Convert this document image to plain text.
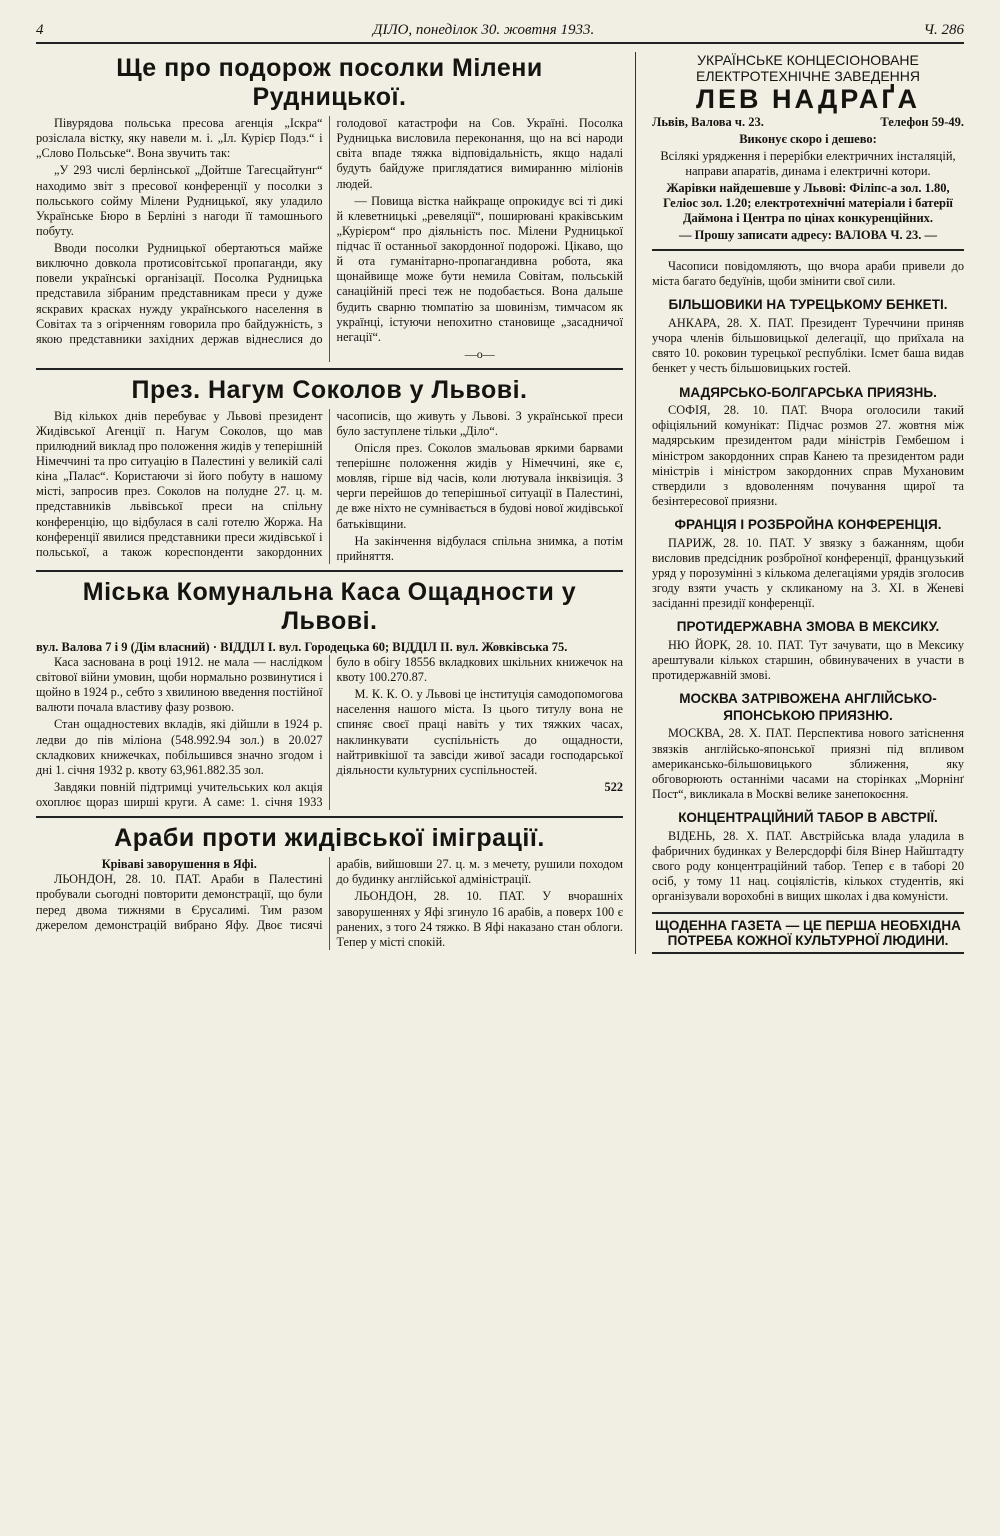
4	ДІЛО, понеділок 30. жовтня 1933.	Ч. 286
Ще про подорож посолки Мілени Рудницької.

Півурядова польська пресова агенція „Іскра“ розіслала вістку, яку навели м. і. „Іл. Курієр Подз.“ і „Слово Польське“. Вона звучить так:

„У 293 числі берлінської „Дойтше Тагесцайтунг“ находимо звіт з пресової конференції у посолки з польського сойму Мілени Рудницької, яку уладило Українське Бюро в Берліні з нагоди її тамошнього побуту.

Вводи посолки Рудницької обертаються майже виключно довкола протисовітської пропаганди, яку повели українські організації. Посолка Рудницька представила зібраним представникам преси у дуже яскравих красках нужду українського населення в Совітах та з огірченням говорила про байдужність, з якою представники західних держав віднеслися до голодової катастрофи на Сов. Україні. Посолка Рудницька висловила переконання, що на всі народи світа впаде тяжка відповідальність, якщо надалі будуть байдуже приглядатися вимиранню міліонів людей.

— Повища вістка найкраще опрокидує всі ті дикі й клеветницькі „ревеляції“, поширювані краківським „Курієром“ про діяльність пос. Мілени Рудницької підчас її останньої закордонної подорожі. Цікаво, що й ота гуманітарно-пропагандивна робота, яка щонайвище може бути немила Совітам, польській санаційній пресі теж не подобається. Вона дальше будить сварню тюмпатію за шовинізм, тимчасом як українці, істуючи непохитно становище „засадничої негації“.

—o—
През. Нагум Соколов у Львові.

Від кількох днів перебуває у Львові президент Жидівської Агенції п. Нагум Соколов, що мав прилюдний виклад про положення жидів у теперішній Німеччині та про ситуацію в Палестині у великій салі кіна „Палас“. Користаючи зі його побуту в нашому місті, запросив през. Соколов на полудне 27. ц. м. представників львівської преси на спільну конференцію, що відбулася в салі готелю Жоржа. На конференції явилися представники преси жидівської і польської, а також кореспонденти закордонних часописів, що живуть у Львові. З української преси було заступлене тільки „Діло“.

Опісля през. Соколов змальовав яркими барвами теперішнє положення жидів у Німеччині, яке є, мовляв, гірше від часів, коли лютувала інквізиція. З черги перейшов до теперішньої ситуації в Палестині, де вже ніхто не сумнівається в будові нової жидівської батьківщини.

На закінчення відбулася спільна знимка, а потім прийняття.

Міська Комунальна Каса Ощадности у Львові.
вул. Валова 7 і 9 (Дім власний) · ВІДДІЛ І. вул. Городецька 60; ВІДДІЛ ІІ. вул. Жовківська 75.

Каса заснована в році 1912. не мала — наслідком світової війни умовин, щоби нормально розвинутися і щойно в 1924 р., себто з хвилиною введення постійної валюти почала властиву фазу розвою.

Стан ощадностевих вкладів, які дійшли в 1924 р. ледви до пів міліона (548.992.94 зол.) в 20.027 складкових книжечках, побільшився значно згодом і дні 1. січня 1932 р. квоту 63,961.882.35 зол.

Завдяки повній підтримці учительських кол акція охоплює щораз ширші круги. А саме: 1. січня 1933 було в обігу 18556 вкладкових шкільних книжечок на квоту 100.270.87.

М. К. К. О. у Львові це інституція самодопомогова населення нашого міста. Із цього титулу вона не спиняє своєї праці навіть у тих тяжких часах, наклинкувати суспільність до ощадности, найтривкішої та завсіди живої засади господарської діяльности культурних суспільностей.

522
Араби проти жидівської іміграції.
Кріваві заворушення в Яфі.

ЛЬОНДОН, 28. 10. ПАТ. Араби в Палестині пробували сьогодні повторити демонстрації, що були перед двома тижнями в Єрусалимі. Тим разом джерелом демонстрацій вибрано Яфу. Двоє тисячі арабів, вийшовши 27. ц. м. з мечету, рушили походом до будинку англійської адміністрації.

ЛЬОНДОН, 28. 10. ПАТ. У вчорашніх заворушеннях у Яфі згинуло 16 арабів, а поверх 100 є ранених, з того 24 тяжко. В Яфі наказано стан облоги. Тепер у місті спокій.

УКРАЇНСЬКЕ КОНЦЕСІОНОВАНЕ ЕЛЕКТРОТЕХНІЧНЕ ЗАВЕДЕННЯ
ЛЕВ НАДРАҐА
Львів, Валова ч. 23.	Телефон 59-49.

Виконує скоро і дешево:

Всілякі урядження і перерібки електричних інсталяцій, направи апаратів, динама і електричні котори.

Жарівки найдешевше у Львові: Філіпс-а зол. 1.80, Геліос зол. 1.20; електротехнічні матеріали і батерії Даймона і Центра по цінах конкуренційних.

— Прошу записати адресу: ВАЛОВА Ч. 23. —

Часописи повідомляють, що вчора араби привели до міста багато бедуїнів, щоби змінити свої сили.

БІЛЬШОВИКИ НА ТУРЕЦЬКОМУ БЕНКЕТІ.

АНКАРА, 28. Х. ПАТ. Президент Туреччини приняв учора членів більшовицької делегації, що приїхала на свято 10. роковин турецької республіки. Ісмет баша видав бенкет у честь більшовицьких гостей.

МАДЯРСЬКО-БОЛГАРСЬКА ПРИЯЗНЬ.

СОФІЯ, 28. 10. ПАТ. Вчора оголосили такий офіціяльний комунікат: Підчас розмов 27. жовтня між мадярським президентом ради міністрів Гембешом і міністром закордонних справ Канею та президентом ради міністрів і міністром закордонних справ Мухановим ствердили з вдоволенням почування щирої та безінтересової приязни.

ФРАНЦІЯ І РОЗБРОЙНА КОНФЕРЕНЦІЯ.

ПАРИЖ, 28. 10. ПАТ. У звязку з бажанням, щоби висловив предсідник розброїної конференції, французький уряд у порозумінні з кількома делегаціями урядів зголосив згоду взяти участь у скликаному на 3. ХІ. в Женеві засіданні президії конференції.

ПРОТИДЕРЖАВНА ЗМОВА В МЕКСИКУ.

НЮ ЙОРК, 28. 10. ПАТ. Тут зачувати, що в Мексику арештували кількох старшин, обвинувачених в участи в протидержавній змові.

МОСКВА ЗАТРІВОЖЕНА АНГЛІЙСЬКО-ЯПОНСЬКОЮ ПРИЯЗНЮ.

МОСКВА, 28. Х. ПАТ. Перспектива нового затіснення звязків англійсько-японської приязні під впливом американсько-більшовицького зближення, яку обговорюють останніми часами на сторінках „Морнінґ Пост“, викликала в Москві велике занепокоєння.

КОНЦЕНТРАЦІЙНИЙ ТАБОР В АВСТРІЇ.

ВІДЕНЬ, 28. Х. ПАТ. Австрійська влада уладила в фабричних будинках у Велерсдорфі біля Вінер Найштадту свого роду концентраційний табор. Тепер є в таборі 20 осіб, у тому 11 нац. соціялістів, кількох студентів, які організували ворохобні в вищих школах і два комуністи.

ЩОДЕННА ГАЗЕТА — ЦЕ ПЕРША НЕОБХІДНА ПОТРЕБА КОЖНОЇ КУЛЬТУРНОЇ ЛЮДИНИ.
